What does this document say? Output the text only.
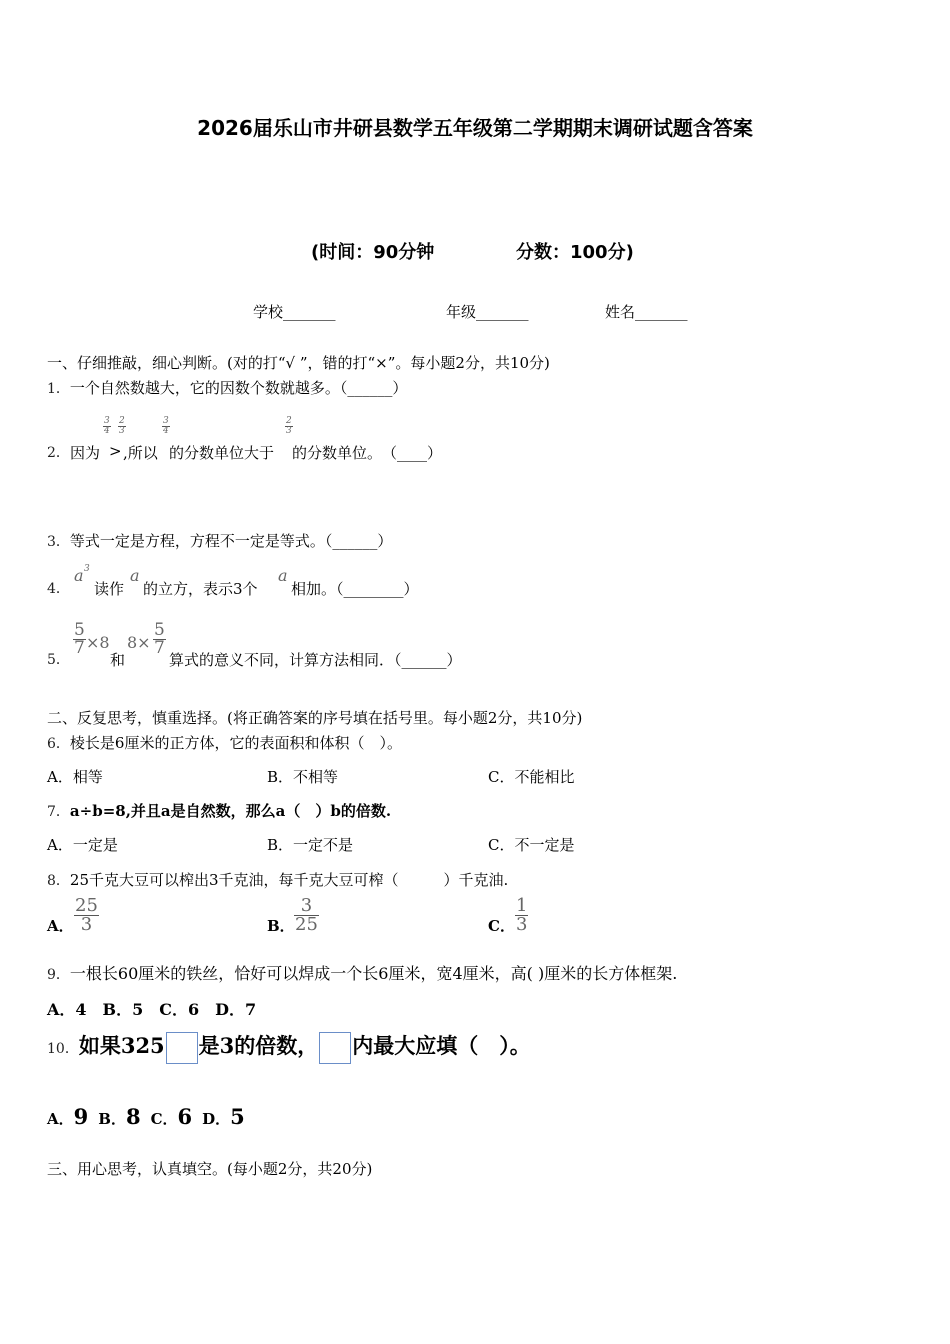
2026届乐山市井研县数学五年级第二学期期末调研试题含答案
(时间：90分钟	分数：100分)
学校_______	年级_______	姓名_______
一、仔细推敲，细心判断。(对的打“√ ”，错的打“×”。每小题2分，共10分)
1．一个自然数越大，它的因数个数就越多。（______）
2． 因为
$\frac{3}{4} \frac{2}{3}$
> ,所以
$\frac{3}{4}$
的分数单位大于
$\frac{2}{3}$
的分数单位。　（____）
3．等式一定是方程，方程不一定是等式。（______）
4．
a 3
读作
a
的立方，表示3个
a
相加。（________）
5．
$\frac{5}{7} \times 8$
和
$8\times \frac{5}{7}$
算式的意义不同，计算方法相同．（______）
二、反复思考，慎重选择。(将正确答案的序号填在括号里。每小题2分，共10分)
6．棱长是6厘米的正方体，它的表面积和体积（　）。
A．相等	B．不相等	C．不能相比
7．a÷b=8,并且a是自然数，那么a（　）b的倍数.
A．一定是	B．一定不是	C．不一定是
8．25千克大豆可以榨出3千克油，每千克大豆可榨（　　　）千克油.
A． $\frac{25}{3}$	B． $\frac{3}{25}$	C． $\frac{1}{3}$
9．一根长60厘米的铁丝，恰好可以焊成一个长6厘米，宽4厘米，高( )厘米的长方体框架.
A．4　B．5　C．6　D．7
10．如果325 是3的倍数， 内最大应填（　）。
A．9 B．8 C．6 D．5
三、用心思考，认真填空。(每小题2分，共20分)
